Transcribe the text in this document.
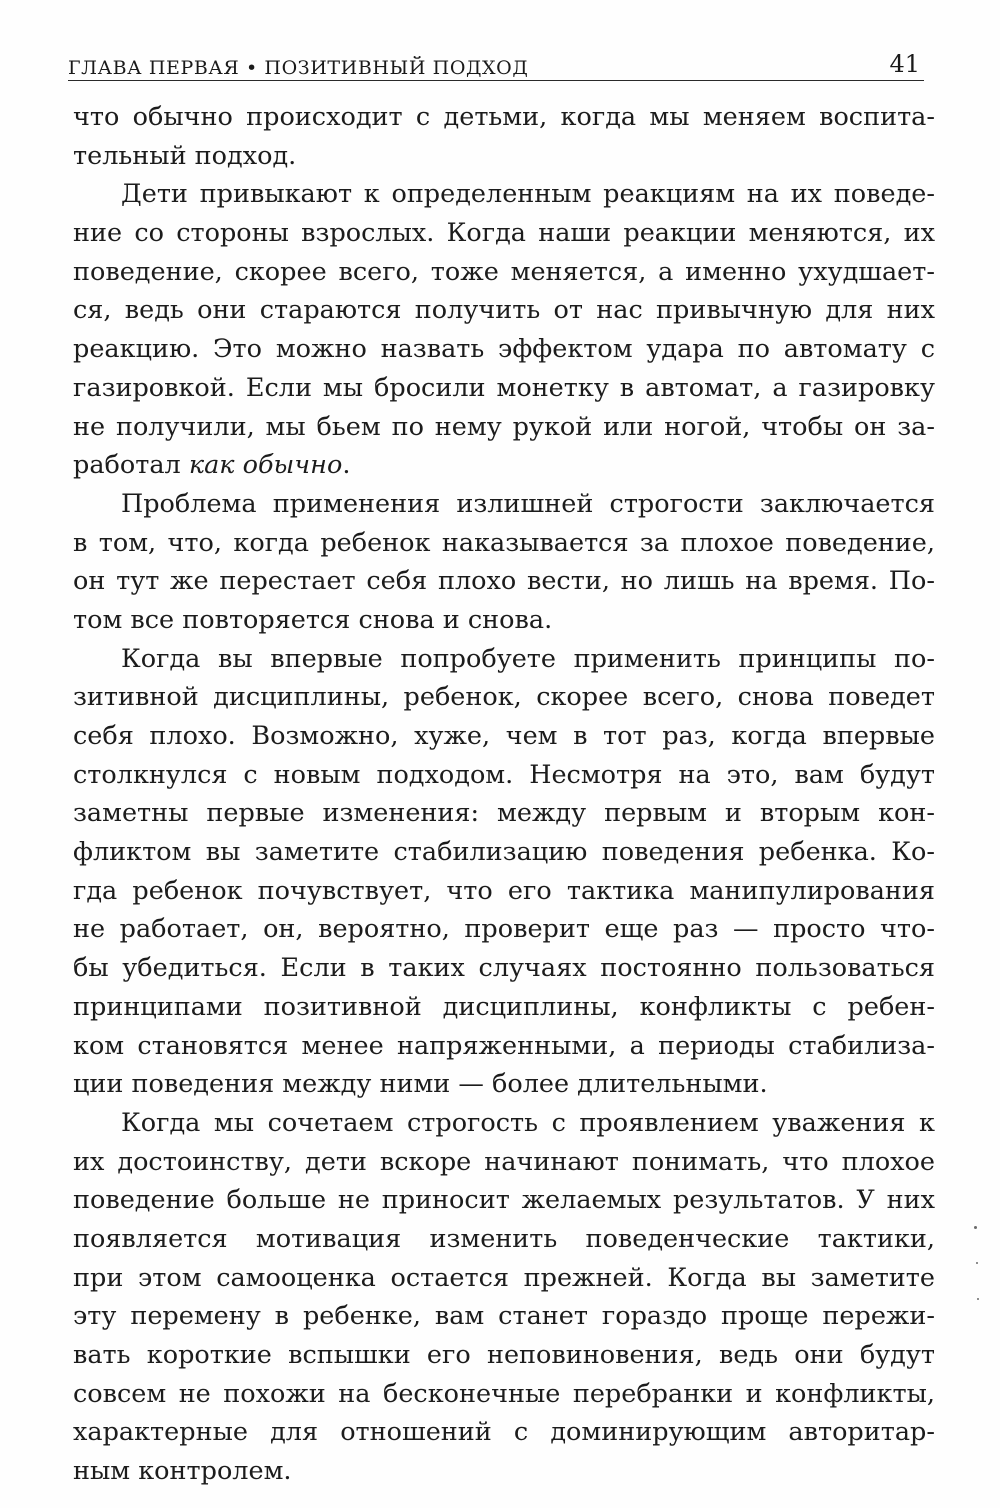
ГЛАВА ПЕРВАЯ • ПОЗИТИВНЫЙ ПОДХОД	41

что обычно происходит с детьми, когда мы меняем воспита-
тельный подход.

Дети привыкают к определенным реакциям на их поведе-
ние со стороны взрослых. Когда наши реакции меняются, их
поведение, скорее всего, тоже меняется, а именно ухудшает-
ся, ведь они стараются получить от нас привычную для них
реакцию. Это можно назвать эффектом удара по автомату с
газировкой. Если мы бросили монетку в автомат, а газировку
не получили, мы бьем по нему рукой или ногой, чтобы он за-
работал как обычно.

Проблема применения излишней строгости заключается
в том, что, когда ребенок наказывается за плохое поведение,
он тут же перестает себя плохо вести, но лишь на время. По-
том все повторяется снова и снова.

Когда вы впервые попробуете применить принципы по-
зитивной дисциплины, ребенок, скорее всего, снова поведет
себя плохо. Возможно, хуже, чем в тот раз, когда впервые
столкнулся с новым подходом. Несмотря на это, вам будут
заметны первые изменения: между первым и вторым кон-
фликтом вы заметите стабилизацию поведения ребенка. Ко-
гда ребенок почувствует, что его тактика манипулирования
не работает, он, вероятно, проверит еще раз — просто что-
бы убедиться. Если в таких случаях постоянно пользоваться
принципами позитивной дисциплины, конфликты с ребен-
ком становятся менее напряженными, а периоды стабилиза-
ции поведения между ними — более длительными.

Когда мы сочетаем строгость с проявлением уважения к
их достоинству, дети вскоре начинают понимать, что плохое
поведение больше не приносит желаемых результатов. У них
появляется мотивация изменить поведенческие тактики,
при этом самооценка остается прежней. Когда вы заметите
эту перемену в ребенке, вам станет гораздо проще пережи-
вать короткие вспышки его неповиновения, ведь они будут
совсем не похожи на бесконечные перебранки и конфликты,
характерные для отношений с доминирующим авторитар-
ным контролем.
